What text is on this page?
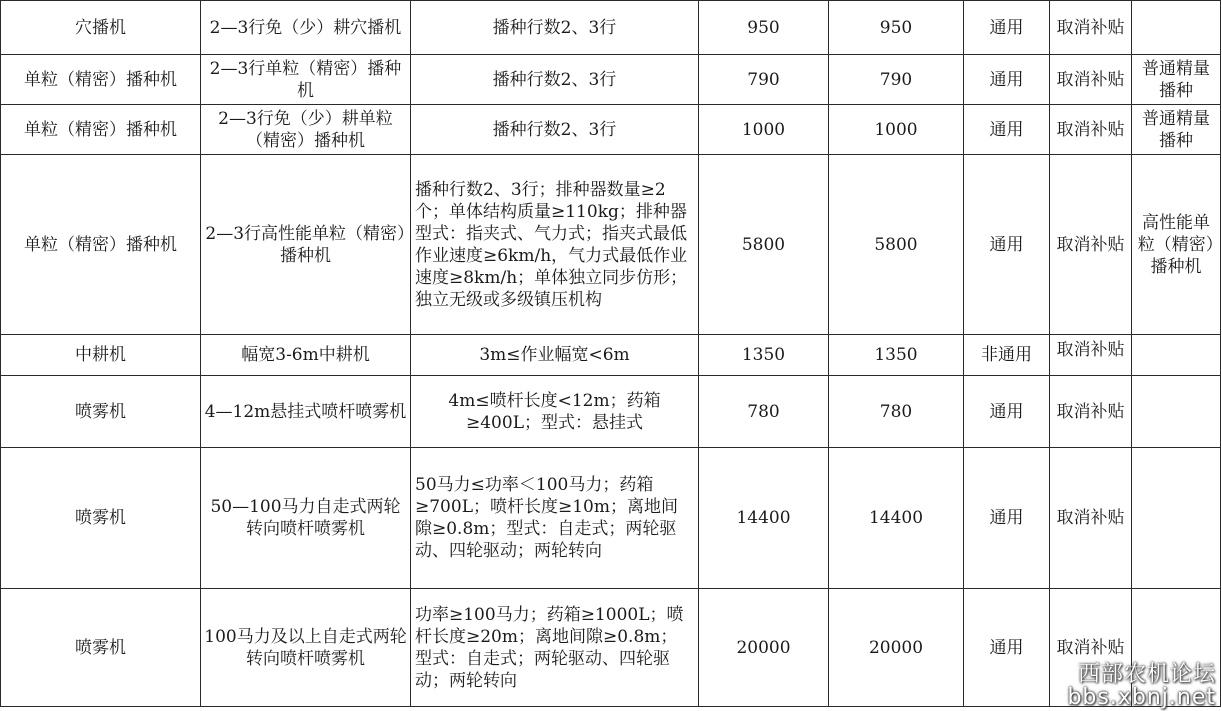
穴播机	2—3行免（少）耕穴播机	播种行数2、3行	950	950	通用	取消补贴	
单粒（精密）播种机	2—3行单粒（精密）播种机	播种行数2、3行	790	790	通用	取消补贴	普通精量播种
单粒（精密）播种机	2—3行免（少）耕单粒（精密）播种机	播种行数2、3行	1000	1000	通用	取消补贴	普通精量播种
单粒（精密）播种机	2—3行高性能单粒（精密）播种机	播种行数2、3行；排种器数量≥2个；单体结构质量≥110kg；排种器型式：指夹式、气力式；指夹式最低作业速度≥6km/h，气力式最低作业速度≥8km/h；单体独立同步仿形；独立无级或多级镇压机构	5800	5800	通用	取消补贴	高性能单粒（精密）播种机
中耕机	幅宽3-6m中耕机	3m≤作业幅宽<6m	1350	1350	非通用	取消补贴	
喷雾机	4—12m悬挂式喷杆喷雾机	4m≤喷杆长度<12m；药箱≥400L；型式：悬挂式	780	780	通用	取消补贴	
喷雾机	50—100马力自走式两轮转向喷杆喷雾机	50马力≤功率＜100马力；药箱≥700L；喷杆长度≥10m；离地间隙≥0.8m；型式：自走式；两轮驱动、四轮驱动；两轮转向	14400	14400	通用	取消补贴	
喷雾机	100马力及以上自走式两轮转向喷杆喷雾机	功率≥100马力；药箱≥1000L；喷杆长度≥20m；离地间隙≥0.8m；型式：自走式；两轮驱动、四轮驱动；两轮转向	20000	20000	通用	取消补贴	
西部农机论坛
bbs.xbnj.net
